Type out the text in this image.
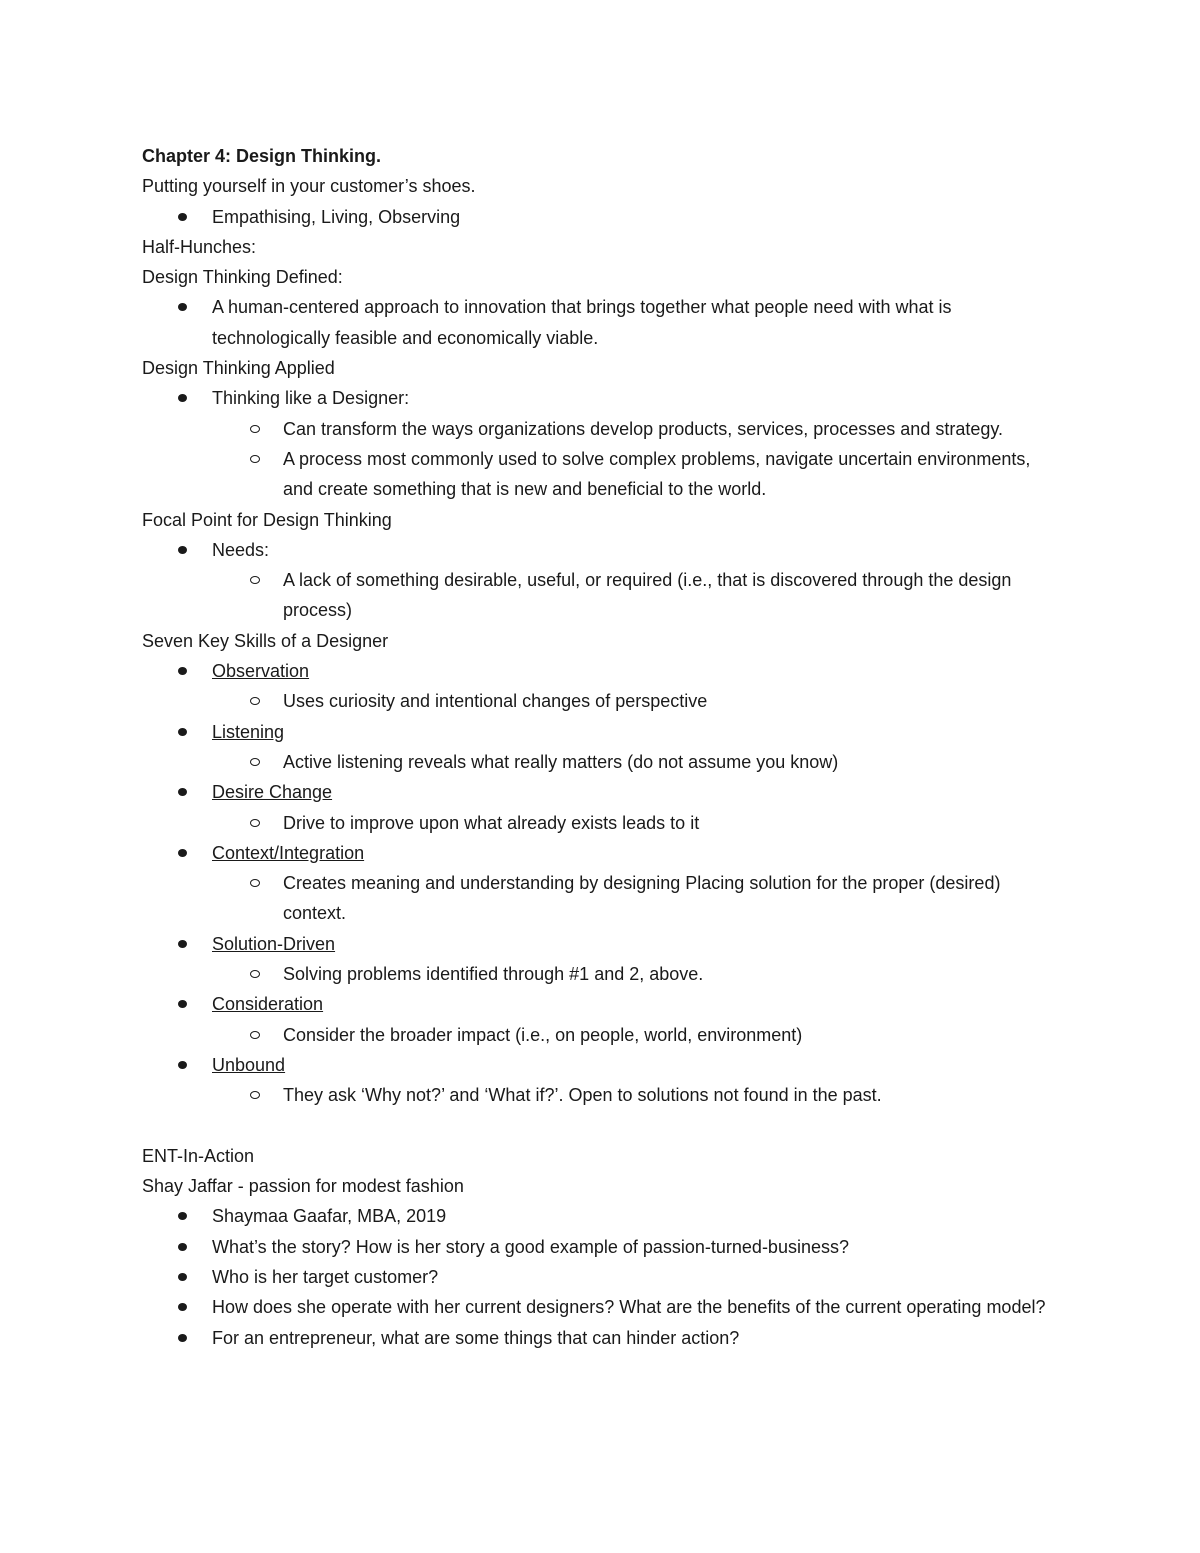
Chapter 4: Design Thinking.

Putting yourself in your customer’s shoes.

Empathising, Living, Observing

Half-Hunches:

Design Thinking Defined:

A human-centered approach to innovation that brings together what people need with what is technologically feasible and economically viable.

Design Thinking Applied

Thinking like a Designer:

Can transform the ways organizations develop products, services, processes and strategy.

A process most commonly used to solve complex problems, navigate uncertain environments, and create something that is new and beneficial to the world.

Focal Point for Design Thinking

Needs:

A lack of something desirable, useful, or required (i.e., that is discovered through the design process)

Seven Key Skills of a Designer

Observation

Uses curiosity and intentional changes of perspective

Listening

Active listening reveals what really matters (do not assume you know)

Desire Change

Drive to improve upon what already exists leads to it

Context/Integration

Creates meaning and understanding by designing Placing solution for the proper (desired) context.

Solution-Driven

Solving problems identified through #1 and 2, above.

Consideration

Consider the broader impact (i.e., on people, world, environment)

Unbound

They ask ‘Why not?’ and ‘What if?’. Open to solutions not found in the past.

ENT-In-Action

Shay Jaffar - passion for modest fashion

Shaymaa Gaafar, MBA, 2019

What’s the story? How is her story a good example of passion-turned-business?

Who is her target customer?

How does she operate with her current designers? What are the benefits of the current operating model?

For an entrepreneur, what are some things that can hinder action?
